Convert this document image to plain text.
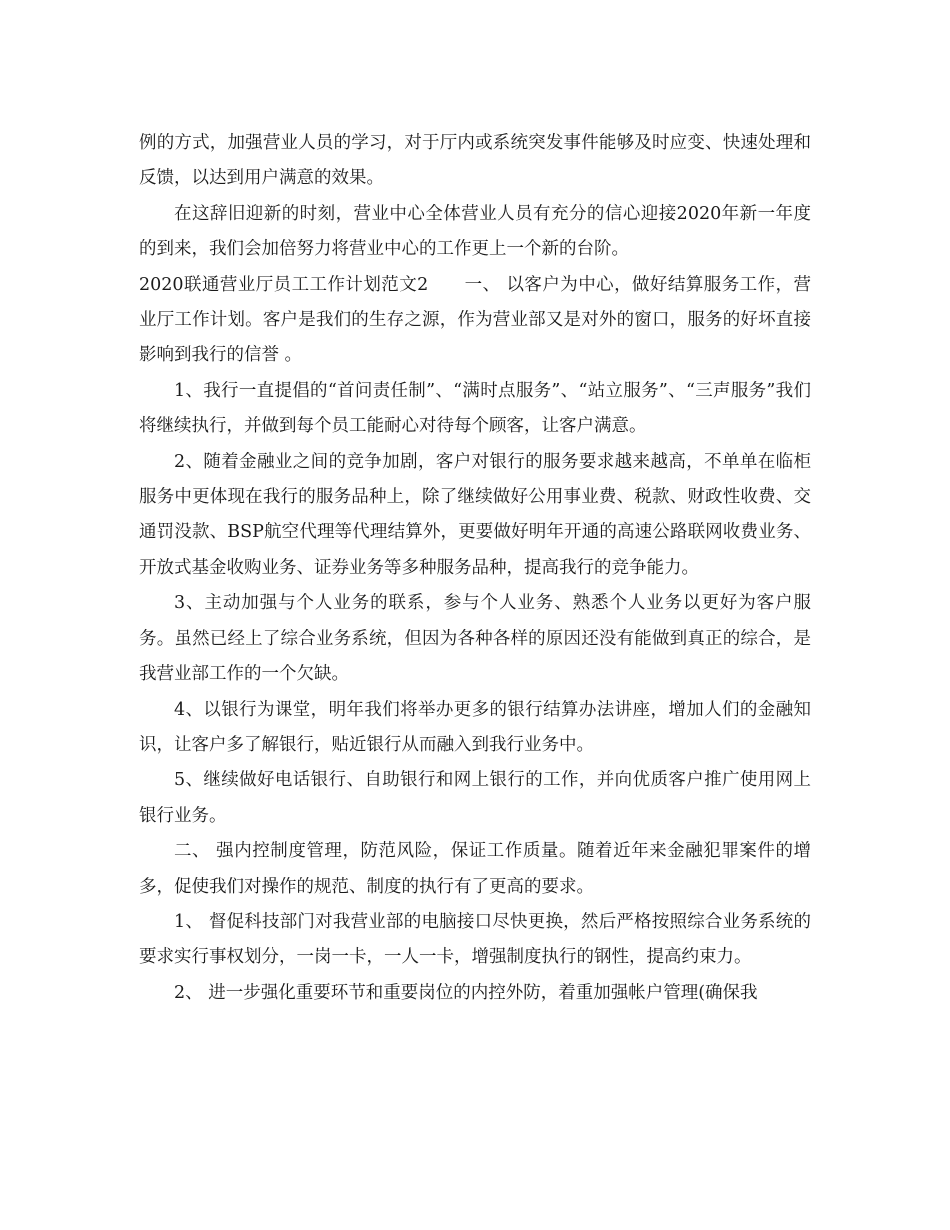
例的方式，加强营业人员的学习，对于厅内或系统突发事件能够及时应变、快速处理和反馈，以达到用户满意的效果。

在这辞旧迎新的时刻，营业中心全体营业人员有充分的信心迎接2020年新一年度的到来，我们会加倍努力将营业中心的工作更上一个新的台阶。

2020联通营业厅员工工作计划范文2　　一、 以客户为中心，做好结算服务工作，营业厅工作计划。客户是我们的生存之源，作为营业部又是对外的窗口，服务的好坏直接影响到我行的信誉 。

1、我行一直提倡的“首问责任制”、“满时点服务”、“站立服务”、“三声服务”我们将继续执行，并做到每个员工能耐心对待每个顾客，让客户满意。

2、随着金融业之间的竞争加剧，客户对银行的服务要求越来越高，不单单在临柜服务中更体现在我行的服务品种上，除了继续做好公用事业费、税款、财政性收费、交通罚没款、BSP航空代理等代理结算外，更要做好明年开通的高速公路联网收费业务、开放式基金收购业务、证券业务等多种服务品种，提高我行的竞争能力。

3、主动加强与个人业务的联系，参与个人业务、熟悉个人业务以更好为客户服务。虽然已经上了综合业务系统，但因为各种各样的原因还没有能做到真正的综合，是我营业部工作的一个欠缺。

4、以银行为课堂，明年我们将举办更多的银行结算办法讲座，增加人们的金融知识，让客户多了解银行，贴近银行从而融入到我行业务中。

5、继续做好电话银行、自助银行和网上银行的工作，并向优质客户推广使用网上银行业务。

二、 强内控制度管理，防范风险，保证工作质量。随着近年来金融犯罪案件的增多，促使我们对操作的规范、制度的执行有了更高的要求。

1、 督促科技部门对我营业部的电脑接口尽快更换，然后严格按照综合业务系统的要求实行事权划分，一岗一卡，一人一卡，增强制度执行的钢性，提高约束力。

2、 进一步强化重要环节和重要岗位的内控外防，着重加强帐户管理(确保我
